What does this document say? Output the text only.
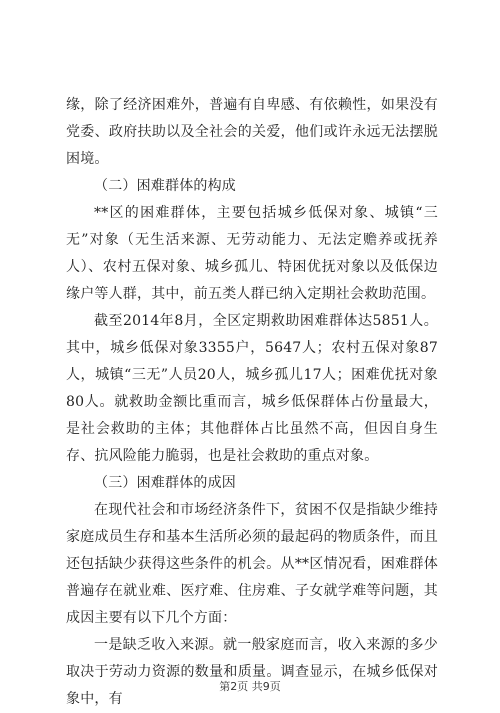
缘，除了经济困难外，普遍有自卑感、有依赖性，如果没有党委、政府扶助以及全社会的关爱，他们或许永远无法摆脱困境。

（二）困难群体的构成

**区的困难群体，主要包括城乡低保对象、城镇“三无”对象（无生活来源、无劳动能力、无法定赡养或抚养人）、农村五保对象、城乡孤儿、特困优抚对象以及低保边缘户等人群，其中，前五类人群已纳入定期社会救助范围。

截至2014年8月，全区定期救助困难群体达5851人。其中，城乡低保对象3355户，5647人；农村五保对象87人，城镇“三无”人员20人，城乡孤儿17人；困难优抚对象80人。就救助金额比重而言，城乡低保群体占份量最大，是社会救助的主体；其他群体占比虽然不高，但因自身生存、抗风险能力脆弱，也是社会救助的重点对象。

（三）困难群体的成因

在现代社会和市场经济条件下，贫困不仅是指缺少维持家庭成员生存和基本生活所必须的最起码的物质条件，而且还包括缺少获得这些条件的机会。从**区情况看，困难群体普遍存在就业难、医疗难、住房难、子女就学难等问题，其成因主要有以下几个方面：

一是缺乏收入来源。就一般家庭而言，收入来源的多少取决于劳动力资源的数量和质量。调查显示，在城乡低保对象中，有

第2页 共9页
